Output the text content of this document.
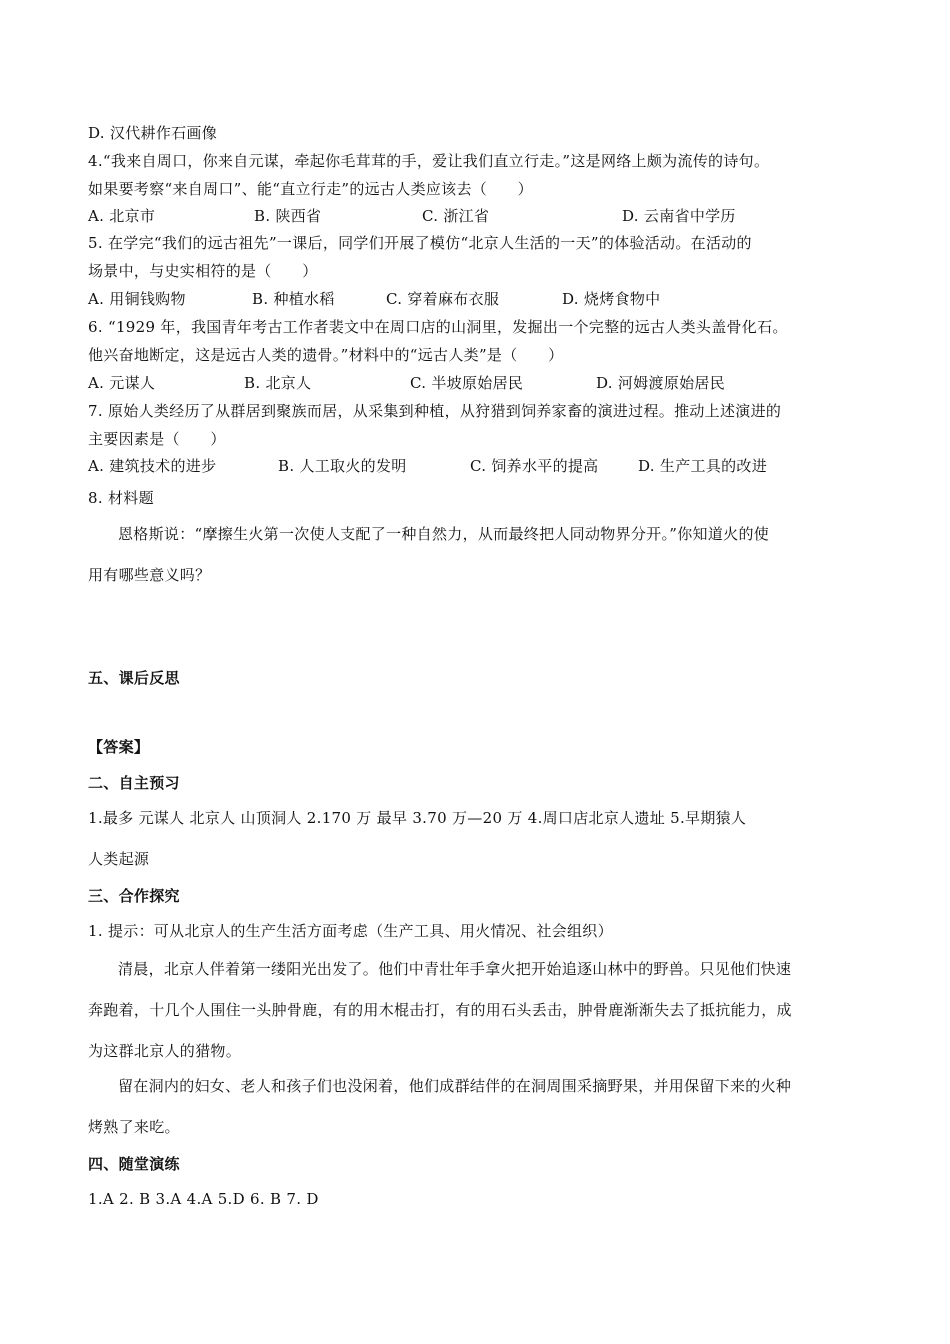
D. 汉代耕作石画像
4.“我来自周口，你来自元谋，牵起你毛茸茸的手，爱让我们直立行走。”这是网络上颇为流传的诗句。
如果要考察“来自周口”、能“直立行走”的远古人类应该去（　　）
A. 北京市	B. 陕西省	C. 浙江省	D. 云南省中学历
5. 在学完“我们的远古祖先”一课后，同学们开展了模仿“北京人生活的一天”的体验活动。在活动的
场景中，与史实相符的是（　　）
A. 用铜钱购物	B. 种植水稻	C. 穿着麻布衣服	D. 烧烤食物中
6. “1929 年，我国青年考古工作者裴文中在周口店的山洞里，发掘出一个完整的远古人类头盖骨化石。
他兴奋地断定，这是远古人类的遗骨。”材料中的“远古人类”是（　　）
A. 元谋人	B. 北京人	C. 半坡原始居民	D. 河姆渡原始居民
7. 原始人类经历了从群居到聚族而居，从采集到种植，从狩猎到饲养家畜的演进过程。推动上述演进的
主要因素是（　　）
A. 建筑技术的进步	B. 人工取火的发明	C. 饲养水平的提高	D. 生产工具的改进
8. 材料题
恩格斯说：“摩擦生火第一次使人支配了一种自然力，从而最终把人同动物界分开。”你知道火的使
用有哪些意义吗？
五、课后反思
【答案】
二、自主预习
1.最多 元谋人 北京人 山顶洞人 2.170 万 最早 3.70 万—20 万 4.周口店北京人遗址 5.早期猿人
人类起源
三、合作探究
1. 提示：可从北京人的生产生活方面考虑（生产工具、用火情况、社会组织）
清晨，北京人伴着第一缕阳光出发了。他们中青壮年手拿火把开始追逐山林中的野兽。只见他们快速
奔跑着，十几个人围住一头肿骨鹿，有的用木棍击打，有的用石头丢击，肿骨鹿渐渐失去了抵抗能力，成
为这群北京人的猎物。
留在洞内的妇女、老人和孩子们也没闲着，他们成群结伴的在洞周围采摘野果，并用保留下来的火种
烤熟了来吃。
四、随堂演练
1.A 2. B 3.A 4.A 5.D 6. B 7. D
